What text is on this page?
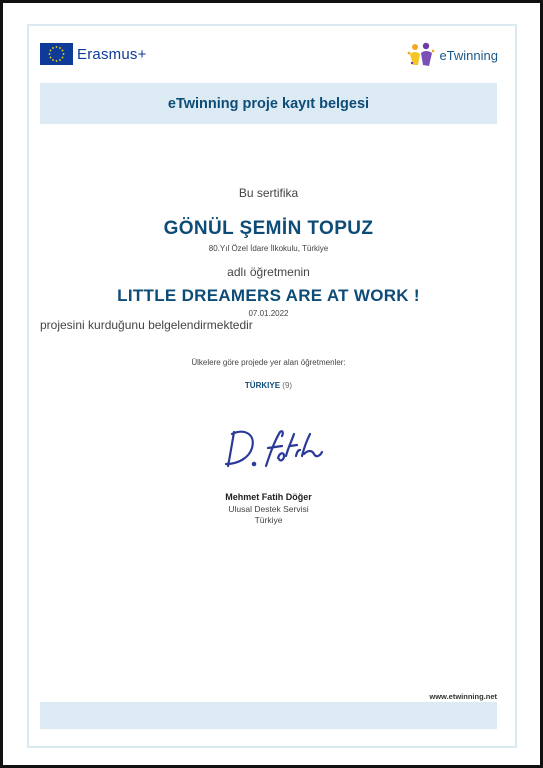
Erasmus+	eTwinning
eTwinning proje kayıt belgesi
Bu sertifika
GÖNÜL ŞEMİN TOPUZ
80.Yıl Özel İdare İlkokulu, Türkiye
adlı öğretmenin
LITTLE DREAMERS ARE AT WORK !
07.01.2022
projesini kurduğunu belgelendirmektedir
Ülkelere göre projede yer alan öğretmenler:
TÜRKIYE (9)
Mehmet Fatih Döğer
Ulusal Destek Servisi
Türkiye
www.etwinning.net
